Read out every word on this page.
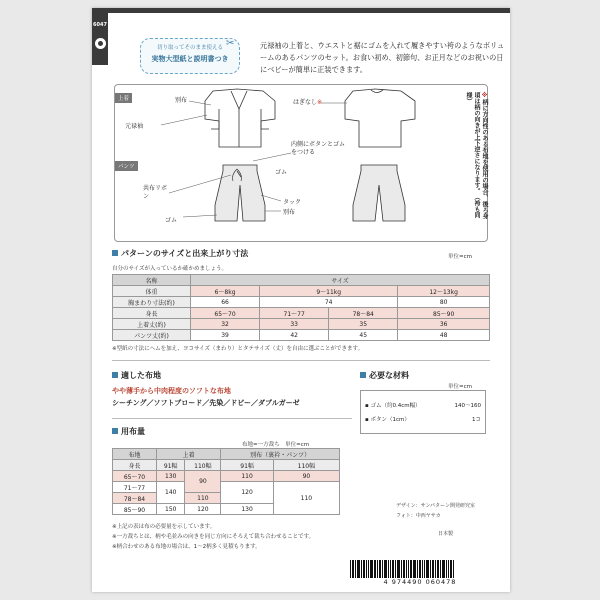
6047
切り取ってそのまま使える
実物大型紙と説明書つき
✂	元禄袖の上着と、ウエストと裾にゴムを入れて履きやすい袴のようなボリュームのあるパンツのセット。お食い初め、初節句、お正月などのお祝いの日にベビーが簡単に正装できます。
上着
パンツ
別布
元禄袖
はぎなし※
内側にボタンとゴムをつける
ゴム
共布リボン
タック
別布
ゴム
※柄に方向性のある布地を使用の場合、後ろ身頃は柄の向きが上下逆さになります。（袴も同様）
パターンのサイズと出来上がり寸法	単位=cm
自分のサイズが入っているか確かめましょう。
名称	サイズ			
体重	6〜8kg	9〜11kg		12〜13kg
胸まわり寸法(約)	66	74		80
身長	65〜70	71〜77	78〜84	85〜90
上着丈(約)	32	33	35	36
パンツ丈(約)	39	42	45	48
※型紙の寸法にヘムを加え、ヨコサイズ（まわり）とタテサイズ（丈）を自由に選ぶことができます。
適した布地
やや薄手から中肉程度のソフトな布地
シーチング／ソフトブロード／先染／ドビー／ダブルガーゼ
必要な材料
単位=cm
▪ ゴム（約0.4cm幅）	140〜160
▪ ボタン（1cm）	1コ
用布量
布地=一方裁ち　単位=cm
布地	上着		別布（裏衿・パンツ）	
身長	91幅	110幅	91幅	110幅
65〜70	130	90	110	90
71〜77	140		120	110
78〜84		110		
85〜90	150	120	130	
※上記の表は布の必要量を示しています。
※一方裁ちとは、柄や毛並みの向きを同じ方向にそろえて裁ち合わせることです。
※柄合わせのある布地の場合は、1〜2柄多く見積もります。
デザイン：サンパターン開発研究室
フォト：中西ヤサカ
日本製
4 974490 060478
